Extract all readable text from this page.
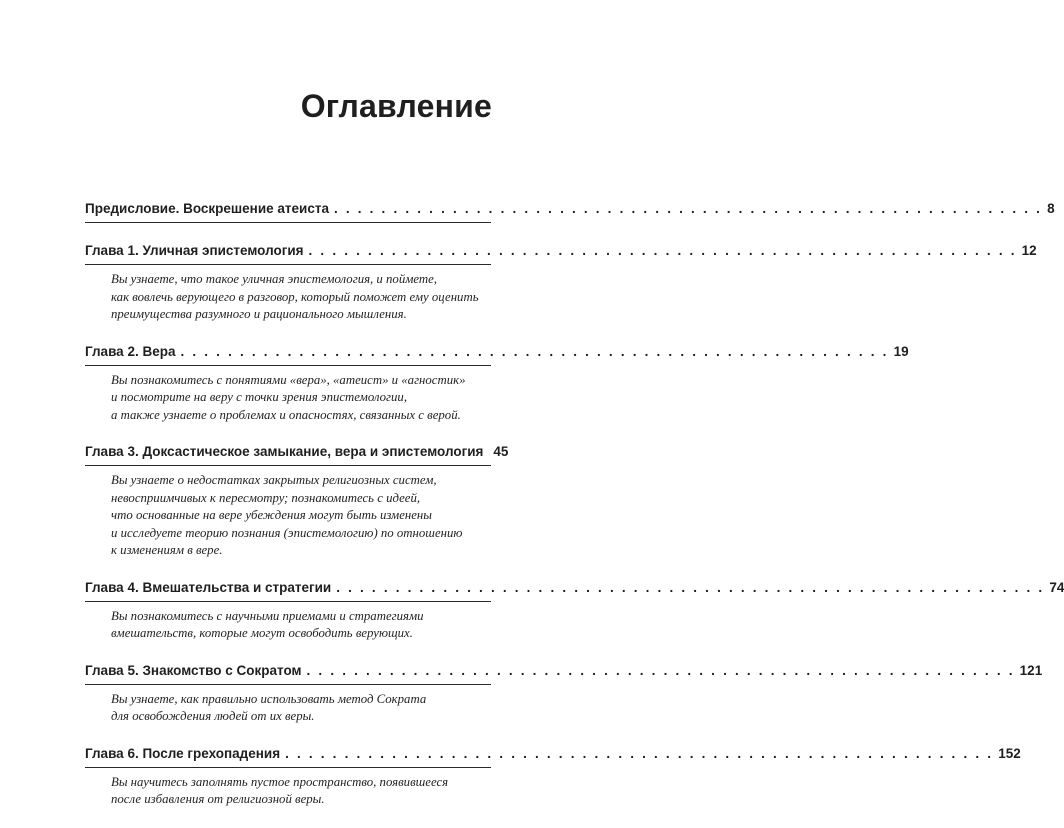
Оглавление
Предисловие. Воскрешение атеиста . . . . . . . . . . . . . . . . . . . . . . . . . . . . . . . . . . . . . . . . . . . . . . . . . . . . . . . . . . . . 8
Глава 1. Уличная эпистемология . . . . . . . . . . . . . . . . . . . . . . . . . . . . . . . . . . . . . . . . . . . . . . . . . . . . . . . . . . . . 12
Вы узнаете, что такое уличная эпистемология, и поймете,
как вовлечь верующего в разговор, который поможет ему оценить
преимущества разумного и рационального мышления.
Глава 2. Вера . . . . . . . . . . . . . . . . . . . . . . . . . . . . . . . . . . . . . . . . . . . . . . . . . . . . . . . . . . . . 19
Вы познакомитесь с понятиями «вера», «атеист» и «агностик»
и посмотрите на веру с точки зрения эпистемологии,
а также узнаете о проблемах и опасностях, связанных с верой.
Глава 3. Доксастическое замыкание, вера и эпистемология 45
Вы узнаете о недостатках закрытых религиозных систем,
невосприимчивых к пересмотру; познакомитесь с идеей,
что основанные на вере убеждения могут быть изменены
и исследуете теорию познания (эпистемологию) по отношению
к изменениям в вере.
Глава 4. Вмешательства и стратегии . . . . . . . . . . . . . . . . . . . . . . . . . . . . . . . . . . . . . . . . . . . . . . . . . . . . . . . . . . . . 74
Вы познакомитесь с научными приемами и стратегиями
вмешательств, которые могут освободить верующих.
Глава 5. Знакомство с Сократом . . . . . . . . . . . . . . . . . . . . . . . . . . . . . . . . . . . . . . . . . . . . . . . . . . . . . . . . . . . . 121
Вы узнаете, как правильно использовать метод Сократа
для освобождения людей от их веры.
Глава 6. После грехопадения . . . . . . . . . . . . . . . . . . . . . . . . . . . . . . . . . . . . . . . . . . . . . . . . . . . . . . . . . . . . 152
Вы научитесь заполнять пустое пространство, появившееся
после избавления от религиозной веры.
